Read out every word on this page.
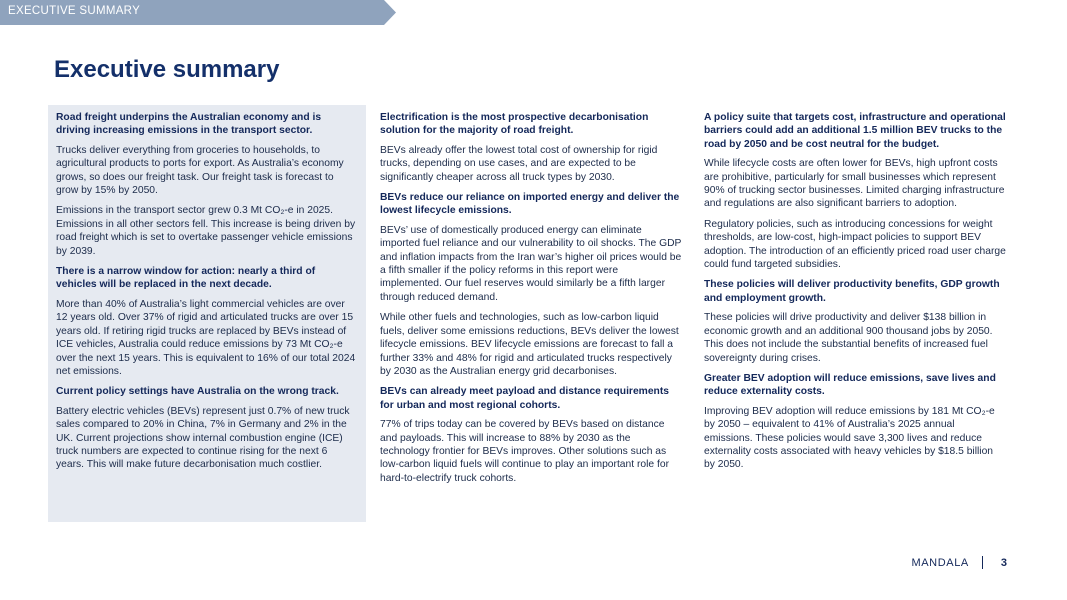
EXECUTIVE SUMMARY
Executive summary

Road freight underpins the Australian economy and is driving increasing emissions in the transport sector.

Trucks deliver everything from groceries to households, to agricultural products to ports for export. As Australia’s economy grows, so does our freight task. Our freight task is forecast to grow by 15% by 2050.

Emissions in the transport sector grew 0.3 Mt CO₂-e in 2025. Emissions in all other sectors fell. This increase is being driven by road freight which is set to overtake passenger vehicle emissions by 2039.

There is a narrow window for action: nearly a third of vehicles will be replaced in the next decade.

More than 40% of Australia’s light commercial vehicles are over 12 years old. Over 37% of rigid and articulated trucks are over 15 years old. If retiring rigid trucks are replaced by BEVs instead of ICE vehicles, Australia could reduce emissions by 73 Mt CO₂-e over the next 15 years. This is equivalent to 16% of our total 2024 net emissions.

Current policy settings have Australia on the wrong track.

Battery electric vehicles (BEVs) represent just 0.7% of new truck sales compared to 20% in China, 7% in Germany and 2% in the UK. Current projections show internal combustion engine (ICE) truck numbers are expected to continue rising for the next 6 years. This will make future decarbonisation much costlier.

Electrification is the most prospective decarbonisation solution for the majority of road freight.

BEVs already offer the lowest total cost of ownership for rigid trucks, depending on use cases, and are expected to be significantly cheaper across all truck types by 2030.

BEVs reduce our reliance on imported energy and deliver the lowest lifecycle emissions.

BEVs’ use of domestically produced energy can eliminate imported fuel reliance and our vulnerability to oil shocks. The GDP and inflation impacts from the Iran war’s higher oil prices would be a fifth smaller if the policy reforms in this report were implemented. Our fuel reserves would similarly be a fifth larger through reduced demand.

While other fuels and technologies, such as low-carbon liquid fuels, deliver some emissions reductions, BEVs deliver the lowest lifecycle emissions. BEV lifecycle emissions are forecast to fall a further 33% and 48% for rigid and articulated trucks respectively by 2030 as the Australian energy grid decarbonises.

BEVs can already meet payload and distance requirements for urban and most regional cohorts.

77% of trips today can be covered by BEVs based on distance and payloads. This will increase to 88% by 2030 as the technology frontier for BEVs improves. Other solutions such as low-carbon liquid fuels will continue to play an important role for hard-to-electrify truck cohorts.

A policy suite that targets cost, infrastructure and operational barriers could add an additional 1.5 million BEV trucks to the road by 2050 and be cost neutral for the budget.

While lifecycle costs are often lower for BEVs, high upfront costs are prohibitive, particularly for small businesses which represent 90% of trucking sector businesses. Limited charging infrastructure and regulations are also significant barriers to adoption.

Regulatory policies, such as introducing concessions for weight thresholds, are low-cost, high-impact policies to support BEV adoption. The introduction of an efficiently priced road user charge could fund targeted subsidies.

These policies will deliver productivity benefits, GDP growth and employment growth.

These policies will drive productivity and deliver $138 billion in economic growth and an additional 900 thousand jobs by 2050. This does not include the substantial benefits of increased fuel sovereignty during crises.

Greater BEV adoption will reduce emissions, save lives and reduce externality costs.

Improving BEV adoption will reduce emissions by 181 Mt CO₂-e by 2050 – equivalent to 41% of Australia’s 2025 annual emissions. These policies would save 3,300 lives and reduce externality costs associated with heavy vehicles by $18.5 billion by 2050.

MANDALA	3
